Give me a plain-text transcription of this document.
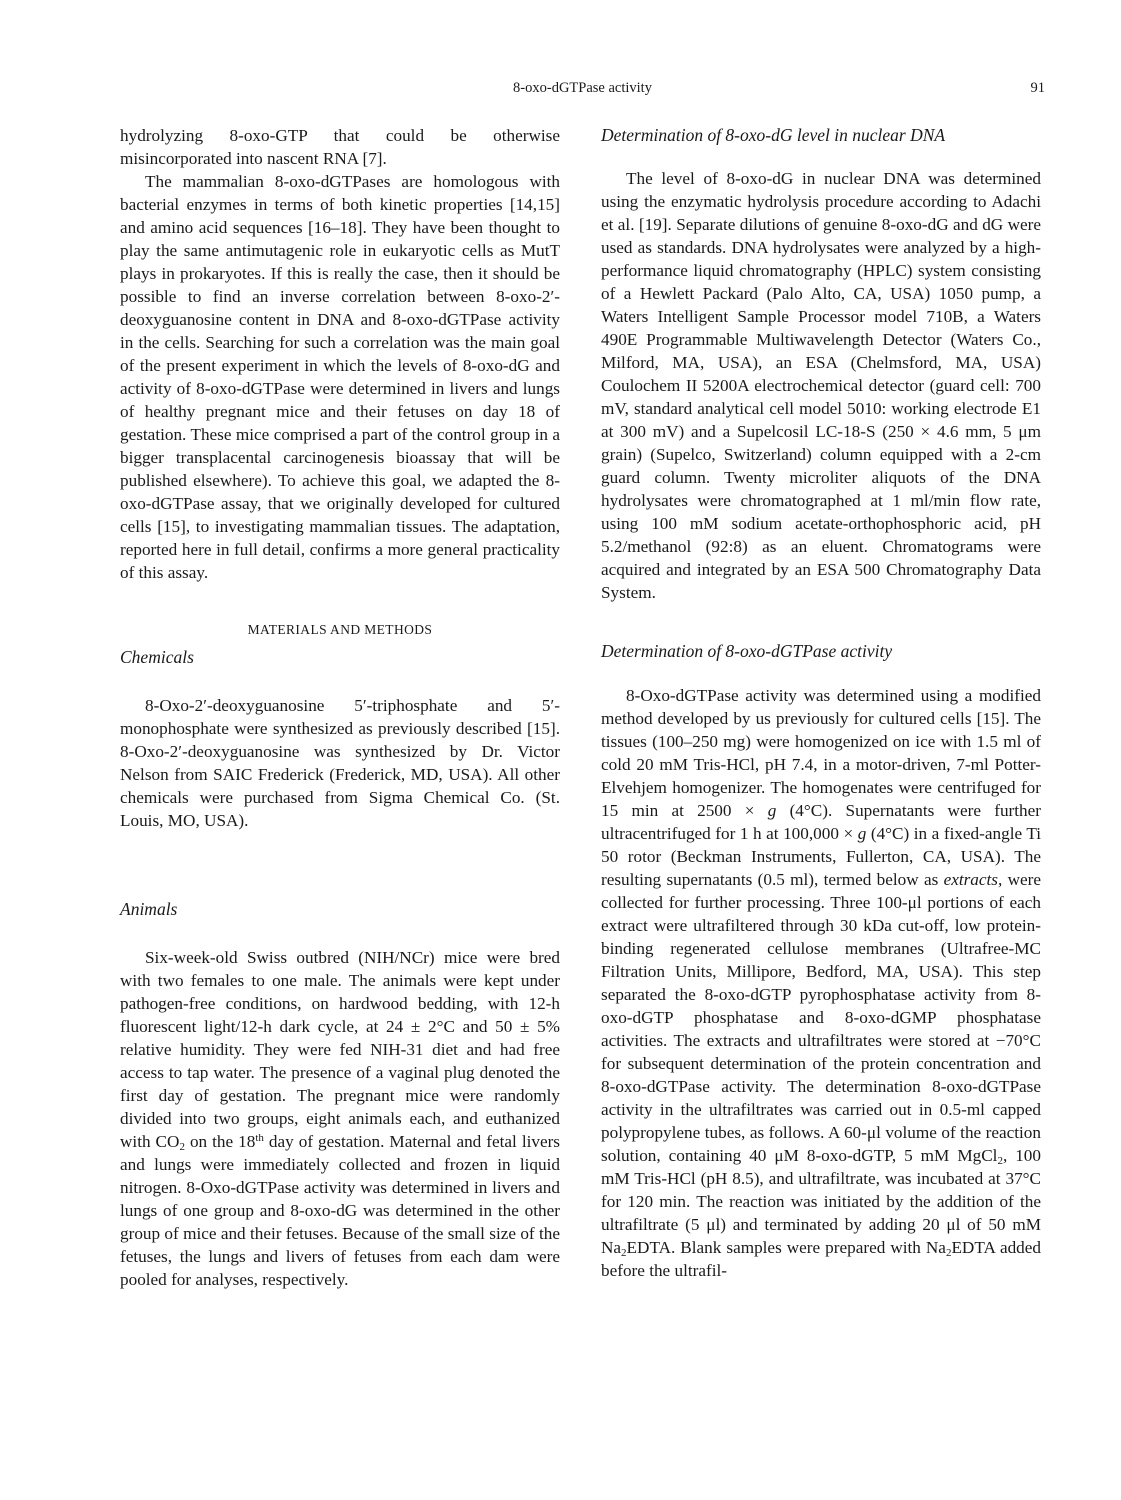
8-oxo-dGTPase activity	91

hydrolyzing 8-oxo-GTP that could be otherwise misincorporated into nascent RNA [7].

The mammalian 8-oxo-dGTPases are homologous with bacterial enzymes in terms of both kinetic properties [14,15] and amino acid sequences [16–18]. They have been thought to play the same antimutagenic role in eukaryotic cells as MutT plays in prokaryotes. If this is really the case, then it should be possible to find an inverse correlation between 8-oxo-2′-deoxyguanosine content in DNA and 8-oxo-dGTPase activity in the cells. Searching for such a correlation was the main goal of the present experiment in which the levels of 8-oxo-dG and activity of 8-oxo-dGTPase were determined in livers and lungs of healthy pregnant mice and their fetuses on day 18 of gestation. These mice comprised a part of the control group in a bigger transplacental carcinogenesis bioassay that will be published elsewhere). To achieve this goal, we adapted the 8-oxo-dGTPase assay, that we originally developed for cultured cells [15], to investigating mammalian tissues. The adaptation, reported here in full detail, confirms a more general practicality of this assay.

MATERIALS AND METHODS
Chemicals

8-Oxo-2′-deoxyguanosine 5′-triphosphate and 5′-monophosphate were synthesized as previously described [15]. 8-Oxo-2′-deoxyguanosine was synthesized by Dr. Victor Nelson from SAIC Frederick (Frederick, MD, USA). All other chemicals were purchased from Sigma Chemical Co. (St. Louis, MO, USA).

Animals

Six-week-old Swiss outbred (NIH/NCr) mice were bred with two females to one male. The animals were kept under pathogen-free conditions, on hardwood bedding, with 12-h fluorescent light/12-h dark cycle, at 24 ± 2°C and 50 ± 5% relative humidity. They were fed NIH-31 diet and had free access to tap water. The presence of a vaginal plug denoted the first day of gestation. The pregnant mice were randomly divided into two groups, eight animals each, and euthanized with $CO_2$ on the 18th day of gestation. Maternal and fetal livers and lungs were immediately collected and frozen in liquid nitrogen. 8-Oxo-dGTPase activity was determined in livers and lungs of one group and 8-oxo-dG was determined in the other group of mice and their fetuses. Because of the small size of the fetuses, the lungs and livers of fetuses from each dam were pooled for analyses, respectively.

Determination of 8-oxo-dG level in nuclear DNA

The level of 8-oxo-dG in nuclear DNA was determined using the enzymatic hydrolysis procedure according to Adachi et al. [19]. Separate dilutions of genuine 8-oxo-dG and dG were used as standards. DNA hydrolysates were analyzed by a high-performance liquid chromatography (HPLC) system consisting of a Hewlett Packard (Palo Alto, CA, USA) 1050 pump, a Waters Intelligent Sample Processor model 710B, a Waters 490E Programmable Multiwavelength Detector (Waters Co., Milford, MA, USA), an ESA (Chelmsford, MA, USA) Coulochem II 5200A electrochemical detector (guard cell: 700 mV, standard analytical cell model 5010: working electrode E1 at 300 mV) and a Supelcosil LC-18-S (250 × 4.6 mm, 5 μm grain) (Supelco, Switzerland) column equipped with a 2-cm guard column. Twenty microliter aliquots of the DNA hydrolysates were chromatographed at 1 ml/min flow rate, using 100 mM sodium acetate-orthophosphoric acid, pH 5.2/methanol (92:8) as an eluent. Chromatograms were acquired and integrated by an ESA 500 Chromatography Data System.

Determination of 8-oxo-dGTPase activity

8-Oxo-dGTPase activity was determined using a modified method developed by us previously for cultured cells [15]. The tissues (100–250 mg) were homogenized on ice with 1.5 ml of cold 20 mM Tris-HCl, pH 7.4, in a motor-driven, 7-ml Potter-Elvehjem homogenizer. The homogenates were centrifuged for 15 min at 2500 × g (4°C). Supernatants were further ultracentrifuged for 1 h at 100,000 × g (4°C) in a fixed-angle Ti 50 rotor (Beckman Instruments, Fullerton, CA, USA). The resulting supernatants (0.5 ml), termed below as extracts, were collected for further processing. Three 100-μl portions of each extract were ultrafiltered through 30 kDa cut-off, low protein-binding regenerated cellulose membranes (Ultrafree-MC Filtration Units, Millipore, Bedford, MA, USA). This step separated the 8-oxo-dGTP pyrophosphatase activity from 8-oxo-dGTP phosphatase and 8-oxo-dGMP phosphatase activities. The extracts and ultrafiltrates were stored at −70°C for subsequent determination of the protein concentration and 8-oxo-dGTPase activity. The determination 8-oxo-dGTPase activity in the ultrafiltrates was carried out in 0.5-ml capped polypropylene tubes, as follows. A 60-μl volume of the reaction solution, containing 40 μM 8-oxo-dGTP, 5 mM MgCl$_2$, 100 mM Tris-HCl (pH 8.5), and ultrafiltrate, was incubated at 37°C for 120 min. The reaction was initiated by the addition of the ultrafiltrate (5 μl) and terminated by adding 20 μl of 50 mM $Na_2EDTA$. Blank samples were prepared with $Na_2EDTA$ added before the ultrafil-
